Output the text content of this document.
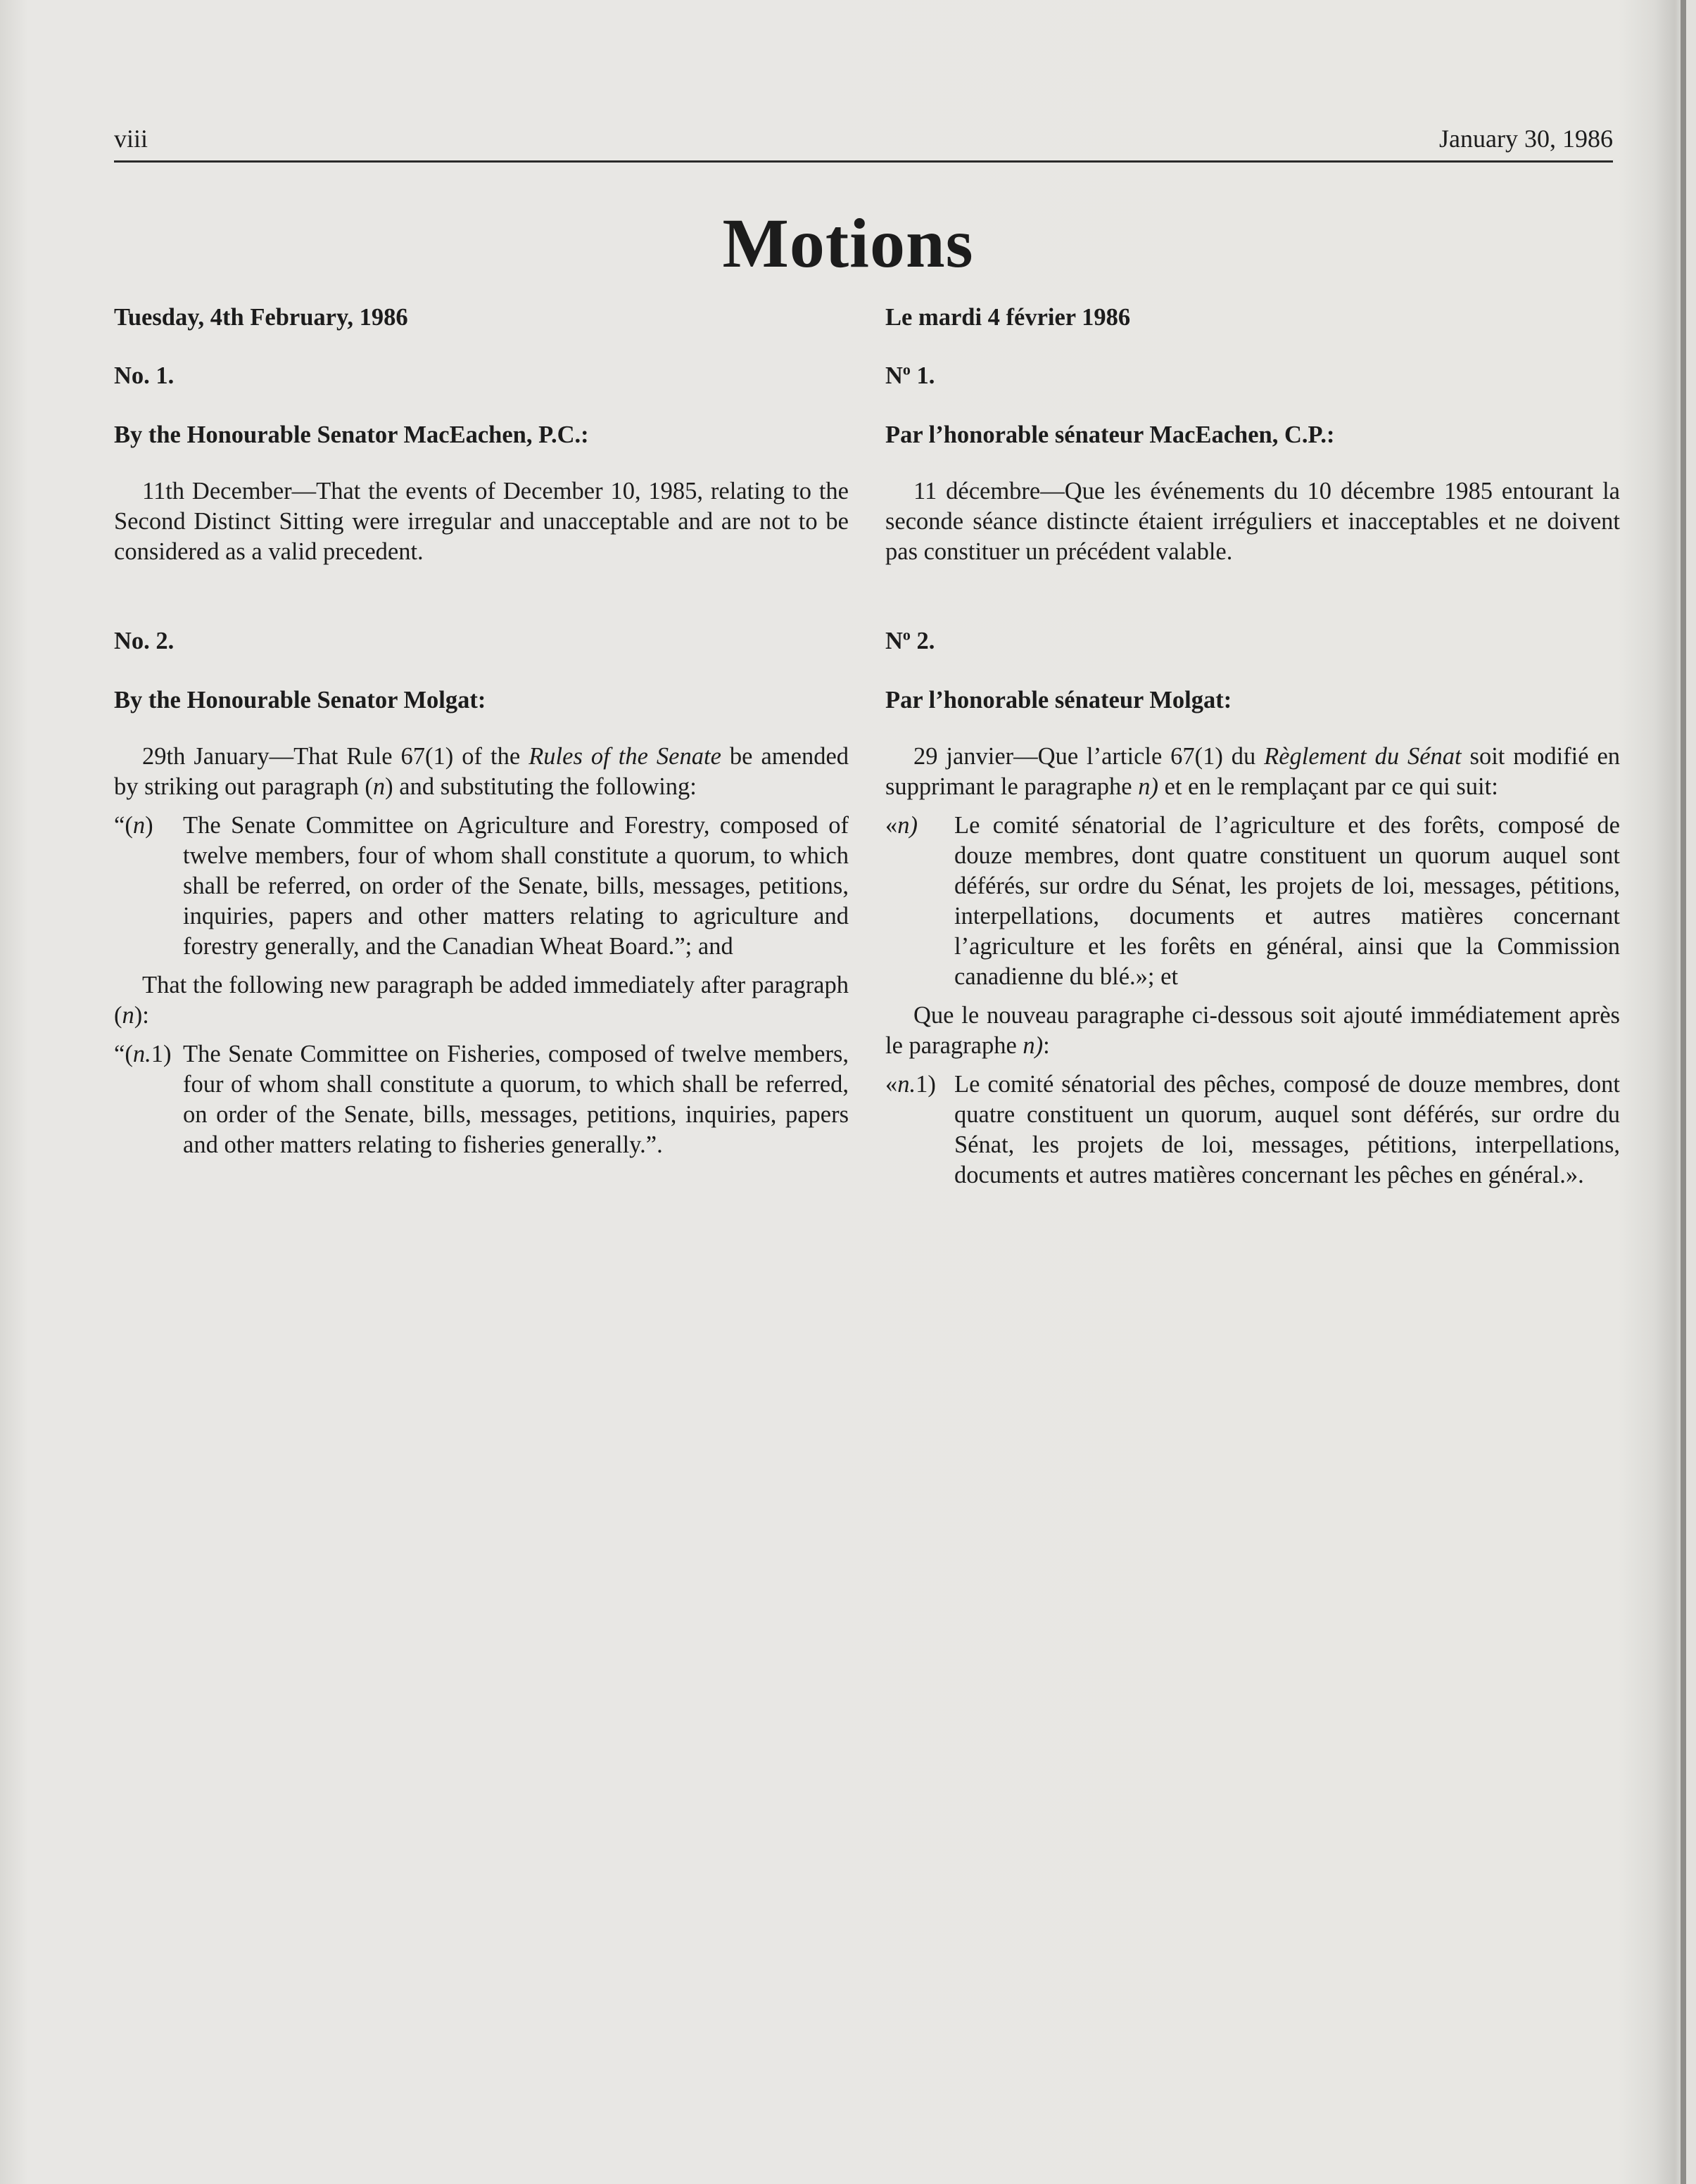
viii	January 30, 1986
Motions

Tuesday, 4th February, 1986

No. 1.

By the Honourable Senator MacEachen, P.C.:

11th December—That the events of December 10, 1985, relating to the Second Distinct Sitting were irregular and unacceptable and are not to be considered as a valid precedent.

No. 2.

By the Honourable Senator Molgat:

29th January—That Rule 67(1) of the Rules of the Senate be amended by striking out paragraph (n) and substituting the following:

“(n)	The Senate Committee on Agriculture and Forestry, composed of twelve members, four of whom shall constitute a quorum, to which shall be referred, on order of the Senate, bills, messages, petitions, inquiries, papers and other matters relating to agriculture and forestry generally, and the Canadian Wheat Board.”; and

That the following new paragraph be added immediately after paragraph (n):

“(n.1) The Senate Committee on Fisheries, composed of twelve members, four of whom shall constitute a quorum, to which shall be referred, on order of the Senate, bills, messages, petitions, inquiries, papers and other matters relating to fisheries generally.”.

Le mardi 4 février 1986

$N^o$ 1.

Par l’honorable sénateur MacEachen, C.P.:

11 décembre—Que les événements du 10 décembre 1985 entourant la seconde séance distincte étaient irréguliers et inacceptables et ne doivent pas constituer un précédent valable.

$N^o$ 2.

Par l’honorable sénateur Molgat:

29 janvier—Que l’article 67(1) du Règlement du Sénat soit modifié en supprimant le paragraphe n) et en le remplaçant par ce qui suit:

«n)	Le comité sénatorial de l’agriculture et des forêts, composé de douze membres, dont quatre constituent un quorum auquel sont déférés, sur ordre du Sénat, les projets de loi, messages, pétitions, interpellations, documents et autres matières concernant l’agriculture et les forêts en général, ainsi que la Commission canadienne du blé.»; et

Que le nouveau paragraphe ci-dessous soit ajouté immédiatement après le paragraphe n):

«n.1) Le comité sénatorial des pêches, composé de douze membres, dont quatre constituent un quorum, auquel sont déférés, sur ordre du Sénat, les projets de loi, messages, pétitions, interpellations, documents et autres matières concernant les pêches en général.».
